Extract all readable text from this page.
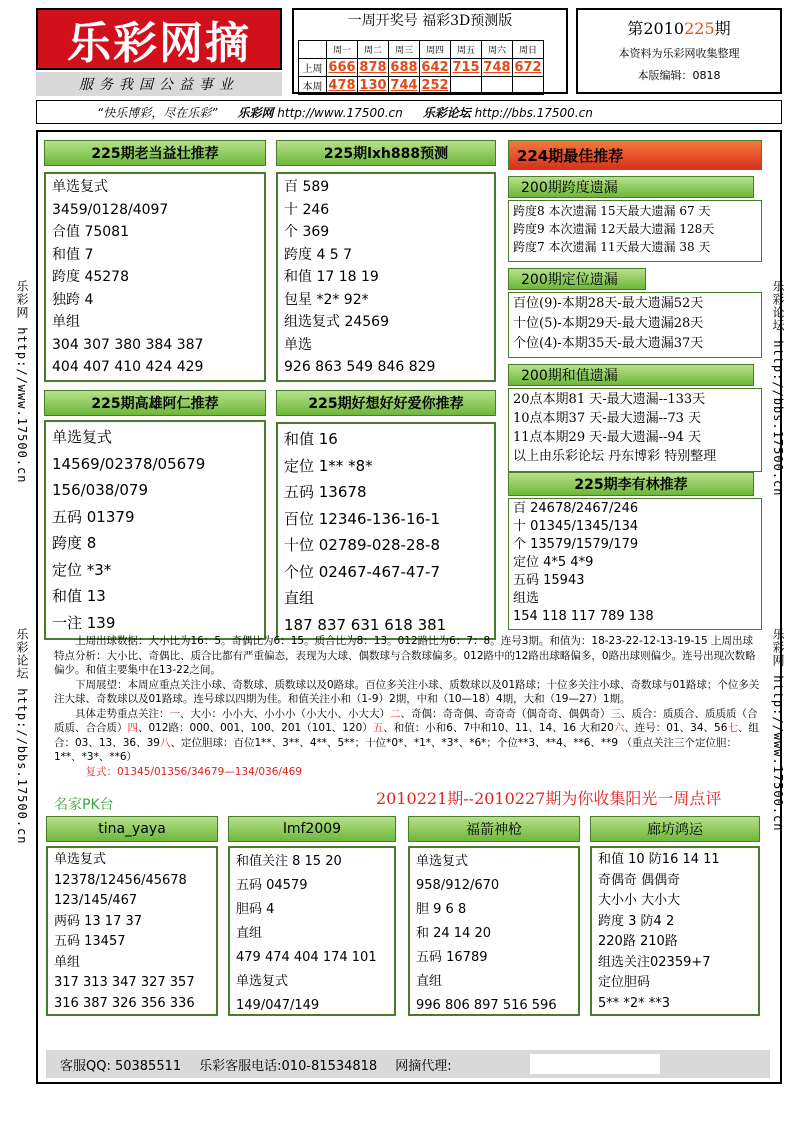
乐彩网摘
服务我国公益事业
一周开奖号 福彩3D预测版
	周一	周二	周三	周四	周五	周六	周日
上周	666	878	688	642	715	748	672
本周	478	130	744	252			
第2010225期
本资料为乐彩网收集整理
本版编辑：0818
“快乐博彩，尽在乐彩” 乐彩网 http://www.17500.cn 乐彩论坛 http://bbs.17500.cn
乐彩网 http://www.17500.cn
乐彩论坛 http://bbs.17500.cn
乐彩论坛 http://bbs.17500.cn
乐彩网 http://www.17500.cn
225期老当益壮推荐
单选复式
3459/0128/4097
合值 75081
和值 7
跨度 45278
独跨 4
单组
304 307 380 384 387
404 407 410 424 429
225期lxh888预测
百 589
十 246
个 369
跨度 4 5 7
和值 17 18 19
包星 *2* 92*
组选复式 24569
单选
926 863 549 846 829
225期高雄阿仁推荐
单选复式
14569/02378/05679
156/038/079
五码 01379
跨度 8
定位 *3*
和值 13
一注 139
225期好想好好爱你推荐
和值 16
定位 1** *8*
五码 13678
百位 12346-136-16-1
十位 02789-028-28-8
个位 02467-467-47-7
直组
187 837 631 618 381
224期最佳推荐
200期跨度遗漏
跨度8 本次遗漏 15天最大遗漏 67 天
跨度9 本次遗漏 12天最大遗漏 128天
跨度7 本次遗漏 11天最大遗漏 38 天
200期定位遗漏
百位(9)-本期28天-最大遗漏52天
十位(5)-本期29天-最大遗漏28天
个位(4)-本期35天-最大遗漏37天
200期和值遗漏
20点本期81 天-最大遗漏--133天
10点本期37 天-最大遗漏--73 天
11点本期29 天-最大遗漏--94 天
以上由乐彩论坛 丹东博彩 特别整理
225期李有林推荐
百 24678/2467/246
十 01345/1345/134
个 13579/1579/179
定位 4*5 4*9
五码 15943
组选
154 118 117 789 138
上周出球数据：大小比为16：5。奇偶比为6：15。质合比为8：13。012路比为6：7：8。连号3期。和值为：18-23-22-12-13-19-15 上周出球特点分析：大小比、奇偶比、质合比都有严重偏态，表现为大球、偶数球与合数球偏多。012路中的12路出球略偏多，0路出球则偏少。连号出现次数略偏少。和值主要集中在13-22之间。
下周展望：本周应重点关注小球、奇数球、质数球以及0路球。百位多关注小球、质数球以及01路球；十位多关注小球、奇数球与01路球；个位多关注大球、奇数球以及01路球。连号球以四期为佳。和值关注小和（1-9）2期，中和（10—18）4期，大和（19—27）1期。
具体走势重点关注：一、大小：小小大、小小小（小大小、小大大）二、奇偶：奇奇偶、奇奇奇（偶奇奇、偶偶奇）三、质合：质质合、质质质（合质质、合合质）四、012路：000、001、100、201（101、120）五、和值：小和6、7中和10、11、14、16 大和20六、连号：01、34、56七、组合：03、13、36、39八、定位胆球：百位1**、3**、4**、5**；十位*0*、*1*、*3*、*6*；个位**3、**4、**6、**9 （重点关注三个定位胆：1**、*3*、**6）
复式：01345/01356/34679—134/036/469
名家PK台	2010221期--2010227期为你收集阳光一周点评
tina_yaya
单选复式
12378/12456/45678
123/145/467
两码 13 17 37
五码 13457
单组
317 313 347 327 357
316 387 326 356 336
lmf2009
和值关注 8 15 20
五码 04579
胆码 4
直组
479 474 404 174 101
单选复式
149/047/149
福箭神枪
单选复式
958/912/670
胆 9 6 8
和 24 14 20
五码 16789
直组
996 806 897 516 596
廊坊鸿运
和值 10 防16 14 11
奇偶奇 偶偶奇
大小小 大小大
跨度 3 防4 2
220路 210路
组选关注02359+7
定位胆码
5** *2* **3
客服QQ: 50385511 乐彩客服电话:010-81534818 网摘代理:
